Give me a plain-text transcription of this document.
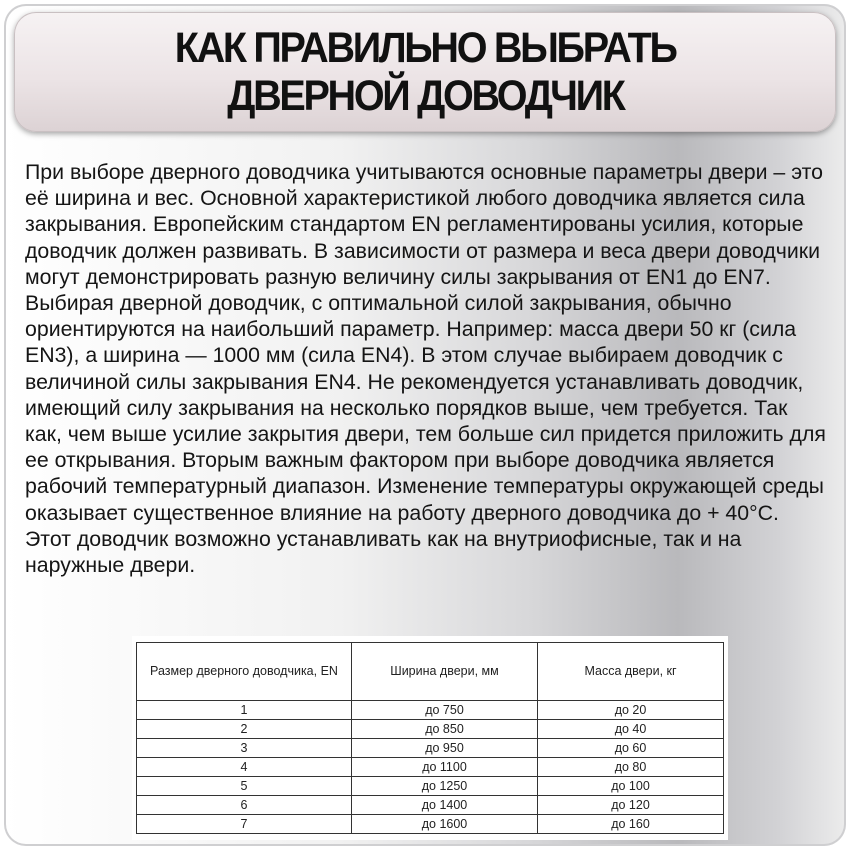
КАК ПРАВИЛЬНО ВЫБРАТЬ
ДВЕРНОЙ ДОВОДЧИК

При выборе дверного доводчика учитываются основные параметры двери – это её ширина и вес. Основной характеристикой любого доводчика является сила закрывания. Европейским стандартом EN регламентированы усилия, которые доводчик должен развивать. В зависимости от размера и веса двери доводчики могут демонстрировать разную величину силы закрывания от EN1 до EN7. Выбирая дверной доводчик, с оптимальной силой закрывания, обычно ориентируются на наибольший параметр. Например: масса двери 50 кг (сила EN3), а ширина — 1000 мм (сила EN4). В этом случае выбираем доводчик с величиной силы закрывания EN4. Не рекомендуется устанавливать доводчик, имеющий силу закрывания на несколько порядков выше, чем требуется. Так как, чем выше усилие закрытия двери, тем больше сил придется приложить для ее открывания. Вторым важным фактором при выборе доводчика является рабочий температурный диапазон. Изменение температуры окружающей среды оказывает существенное влияние на работу дверного доводчика до + 40°С. Этот доводчик возможно устанавливать как на внутриофисные, так и на наружные двери.

Размер дверного доводчика, EN	Ширина двери, мм	Масса двери, кг
1	до 750	до 20
2	до 850	до 40
3	до 950	до 60
4	до 1100	до 80
5	до 1250	до 100
6	до 1400	до 120
7	до 1600	до 160
